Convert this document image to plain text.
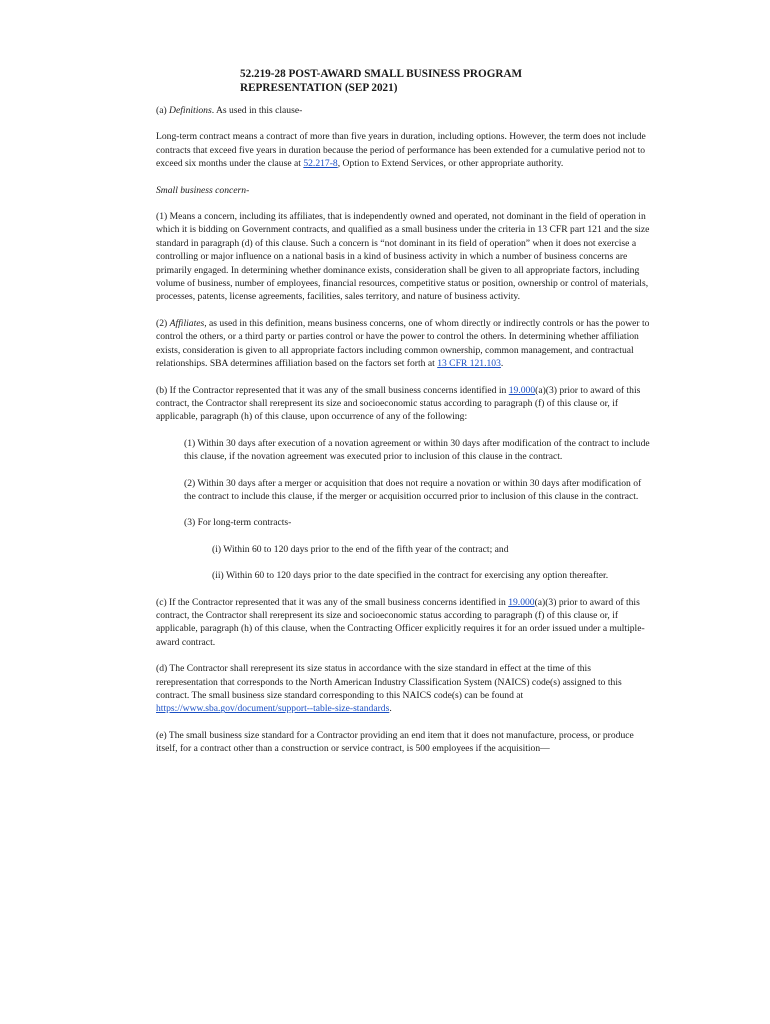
52.219-28 POST-AWARD SMALL BUSINESS PROGRAM
REPRESENTATION (SEP 2021)

(a) Definitions. As used in this clause-

Long-term contract means a contract of more than five years in duration, including options. However, the term does not include contracts that exceed five years in duration because the period of performance has been extended for a cumulative period not to exceed six months under the clause at 52.217-8, Option to Extend Services, or other appropriate authority.

Small business concern-

(1) Means a concern, including its affiliates, that is independently owned and operated, not dominant in the field of operation in which it is bidding on Government contracts, and qualified as a small business under the criteria in 13 CFR part 121 and the size standard in paragraph (d) of this clause. Such a concern is “not dominant in its field of operation” when it does not exercise a controlling or major influence on a national basis in a kind of business activity in which a number of business concerns are primarily engaged. In determining whether dominance exists, consideration shall be given to all appropriate factors, including volume of business, number of employees, financial resources, competitive status or position, ownership or control of materials, processes, patents, license agreements, facilities, sales territory, and nature of business activity.

(2) Affiliates, as used in this definition, means business concerns, one of whom directly or indirectly controls or has the power to control the others, or a third party or parties control or have the power to control the others. In determining whether affiliation exists, consideration is given to all appropriate factors including common ownership, common management, and contractual relationships. SBA determines affiliation based on the factors set forth at 13 CFR 121.103.

(b) If the Contractor represented that it was any of the small business concerns identified in 19.000(a)(3) prior to award of this contract, the Contractor shall rerepresent its size and socioeconomic status according to paragraph (f) of this clause or, if applicable, paragraph (h) of this clause, upon occurrence of any of the following:

(1) Within 30 days after execution of a novation agreement or within 30 days after modification of the contract to include this clause, if the novation agreement was executed prior to inclusion of this clause in the contract.

(2) Within 30 days after a merger or acquisition that does not require a novation or within 30 days after modification of the contract to include this clause, if the merger or acquisition occurred prior to inclusion of this clause in the contract.

(3) For long-term contracts-

(i) Within 60 to 120 days prior to the end of the fifth year of the contract; and

(ii) Within 60 to 120 days prior to the date specified in the contract for exercising any option thereafter.

(c) If the Contractor represented that it was any of the small business concerns identified in 19.000(a)(3) prior to award of this contract, the Contractor shall rerepresent its size and socioeconomic status according to paragraph (f) of this clause or, if applicable, paragraph (h) of this clause, when the Contracting Officer explicitly requires it for an order issued under a multiple-award contract.

(d) The Contractor shall rerepresent its size status in accordance with the size standard in effect at the time of this rerepresentation that corresponds to the North American Industry Classification System (NAICS) code(s) assigned to this contract. The small business size standard corresponding to this NAICS code(s) can be found at https://www.sba.gov/document/support--table-size-standards.

(e) The small business size standard for a Contractor providing an end item that it does not manufacture, process, or produce itself, for a contract other than a construction or service contract, is 500 employees if the acquisition—
